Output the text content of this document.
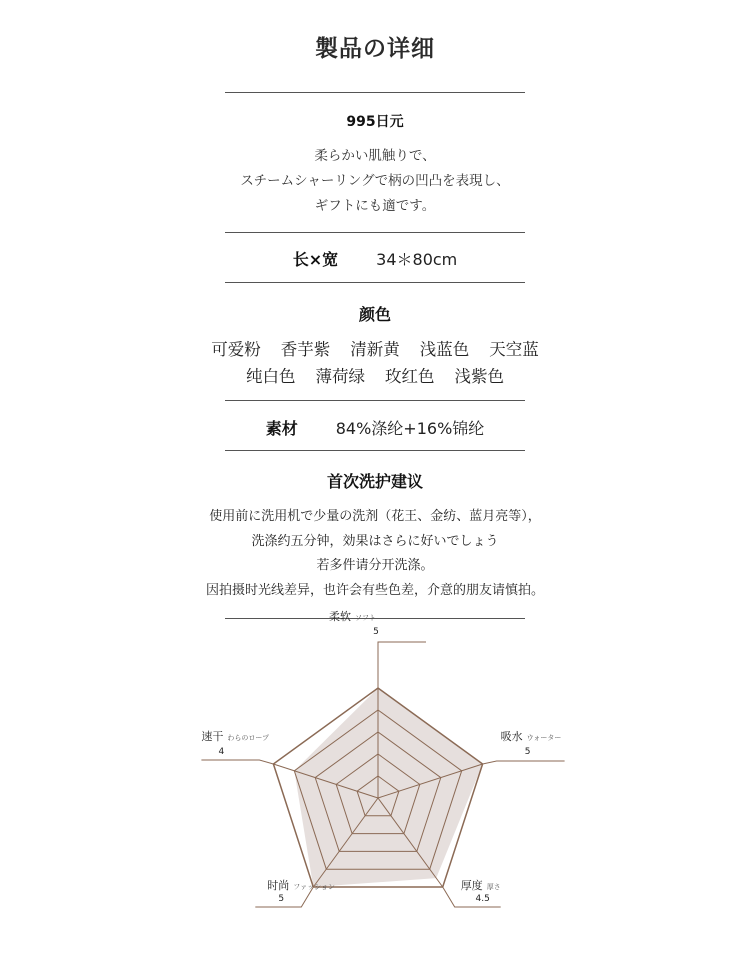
製品の详细
995日元
柔らかい肌触りで、
スチームシャーリングで柄の凹凸を表現し、
ギフトにも適です。
长×宽 34＊80cm
颜色
可爱粉 香芋紫 清新黄 浅蓝色 天空蓝
纯白色 薄荷绿 玫红色 浅紫色
素材 84%涤纶+16%锦纶
首次洗护建议
使用前に洗用机で少量の洗剂（花王、金纺、蓝月亮等），
洗涤约五分钟，効果はさらに好いでしょう
若多件请分开洗涤。
因拍摄时光线差异，也许会有些色差，介意的朋友请慎拍。
柔软 ソフト
5
吸水 ウォーター
5
厚度 厚さ
4.5
时尚 ファッション
5
速干 わらのロープ
4
